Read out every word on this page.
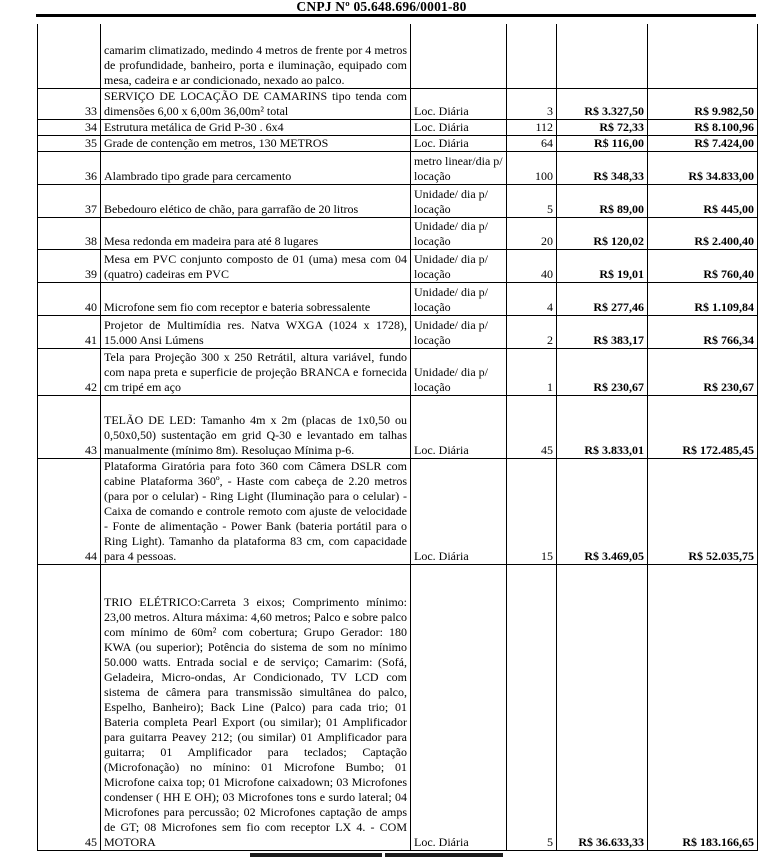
CNPJ Nº 05.648.696/0001-80
	camarim climatizado, medindo 4 metros de frente por 4 metros de profundidade, banheiro, porta e iluminação, equipado com mesa, cadeira e ar condicionado, nexado ao palco.				
33	SERVIÇO DE LOCAÇÃO DE CAMARINS tipo tenda com dimensões 6,00 x 6,00m 36,00m² total	Loc. Diária	3	R$ 3.327,50	R$ 9.982,50
34	Estrutura metálica de Grid P-30 . 6x4	Loc. Diária	112	R$ 72,33	R$ 8.100,96
35	Grade de contenção em metros, 130 METROS	Loc. Diária	64	R$ 116,00	R$ 7.424,00
36	Alambrado tipo grade para cercamento	metro linear/dia p/ locação	100	R$ 348,33	R$ 34.833,00
37	Bebedouro elético de chão, para garrafão de 20 litros	Unidade/ dia p/ locação	5	R$ 89,00	R$ 445,00
38	Mesa redonda em madeira para até 8 lugares	Unidade/ dia p/ locação	20	R$ 120,02	R$ 2.400,40
39	Mesa em PVC conjunto composto de 01 (uma) mesa com 04 (quatro) cadeiras em PVC	Unidade/ dia p/ locação	40	R$ 19,01	R$ 760,40
40	Microfone sem fio com receptor e bateria sobressalente	Unidade/ dia p/ locação	4	R$ 277,46	R$ 1.109,84
41	Projetor de Multimídia res. Natva WXGA (1024 x 1728), 15.000 Ansi Lúmens	Unidade/ dia p/ locação	2	R$ 383,17	R$ 766,34
42	Tela para Projeção 300 x 250 Retrátil, altura variável, fundo com napa preta e superficie de projeção BRANCA e fornecida cm tripé em aço	Unidade/ dia p/ locação	1	R$ 230,67	R$ 230,67
43	TELÃO DE LED: Tamanho 4m x 2m (placas de 1x0,50 ou 0,50x0,50) sustentação em grid Q-30 e levantado em talhas manualmente (mínimo 8m). Resoluçao Mínima p-6.	Loc. Diária	45	R$ 3.833,01	R$ 172.485,45
44	Plataforma Giratória para foto 360 com Câmera DSLR com cabine Plataforma 360º, - Haste com cabeça de 2.20 metros (para por o celular) - Ring Light (Iluminação para o celular) - Caixa de comando e controle remoto com ajuste de velocidade - Fonte de alimentação - Power Bank (bateria portátil para o Ring Light). Tamanho da plataforma 83 cm, com capacidade para 4 pessoas.	Loc. Diária	15	R$ 3.469,05	R$ 52.035,75
45	TRIO ELÉTRICO:Carreta 3 eixos; Comprimento mínimo: 23,00 metros. Altura máxima: 4,60 metros; Palco e sobre palco com mínimo de 60m² com cobertura; Grupo Gerador: 180 KWA (ou superior); Potência do sistema de som no mínimo 50.000 watts. Entrada social e de serviço; Camarim: (Sofá, Geladeira, Micro-ondas, Ar Condicionado, TV LCD com sistema de câmera para transmissão simultânea do palco, Espelho, Banheiro); Back Line (Palco) para cada trio; 01 Bateria completa Pearl Export (ou similar); 01 Amplificador para guitarra Peavey 212; (ou similar) 01 Amplificador para guitarra; 01 Amplificador para teclados; Captação (Microfonação) no mínino: 01 Microfone Bumbo; 01 Microfone caixa top; 01 Microfone caixadown; 03 Microfones condenser ( HH E OH); 03 Microfones tons e surdo lateral; 04 Microfones para percussão; 02 Microfones captação de amps de GT; 08 Microfones sem fio com receptor LX 4. - COM MOTORA	Loc. Diária	5	R$ 36.633,33	R$ 183.166,65
